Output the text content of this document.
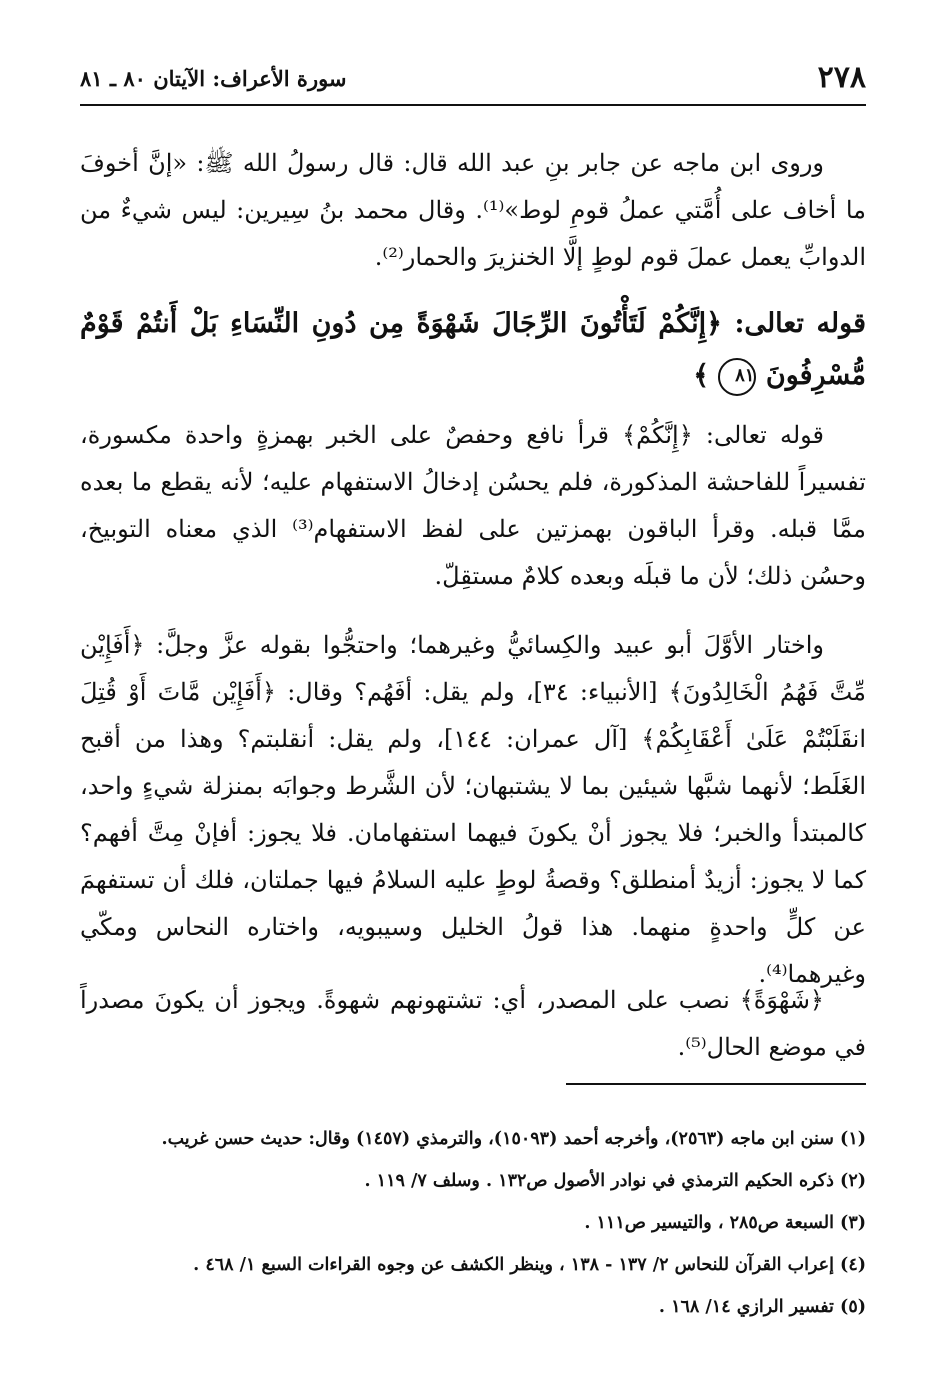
٢٧٨
سورة الأعراف: الآيتان ٨٠ ـ ٨١

وروى ابن ماجه عن جابر بنِ عبد الله قال: قال رسولُ الله ﷺ: «إنَّ أخوفَ ما أخاف على أُمَّتي عملُ قومِ لوط»⁽¹⁾. وقال محمد بنُ سِيرين: ليس شيءٌ من الدوابِّ يعمل عملَ قوم لوطٍ إلَّا الخنزيرَ والحمار⁽²⁾.

قوله تعالى: ﴿إِنَّكُمْ لَتَأْتُونَ الرِّجَالَ شَهْوَةً مِن دُونِ النِّسَاءِ بَلْ أَنتُمْ قَوْمٌ مُّسْرِفُونَ ٨١ ﴾

قوله تعالى: ﴿إِنَّكُمْ﴾ قرأ نافع وحفصٌ على الخبر بهمزةٍ واحدة مكسورة، تفسيراً للفاحشة المذكورة، فلم يحسُن إدخالُ الاستفهام عليه؛ لأنه يقطع ما بعده ممَّا قبله. وقرأ الباقون بهمزتين على لفظ الاستفهام⁽³⁾ الذي معناه التوبيخ، وحسُن ذلك؛ لأن ما قبلَه وبعده كلامٌ مستقِلّ.

واختار الأوَّلَ أبو عبيد والكِسائيُّ وغيرهما؛ واحتجُّوا بقوله عزَّ وجلَّ: ﴿أَفَإِيْن مِّتَّ فَهُمُ الْخَالِدُونَ﴾ [الأنبياء: ٣٤]، ولم يقل: أفَهُم؟ وقال: ﴿أَفَإِيْن مَّاتَ أَوْ قُتِلَ انقَلَبْتُمْ عَلَىٰ أَعْقَابِكُمْ﴾ [آل عمران: ١٤٤]، ولم يقل: أنقلبتم؟ وهذا من أقبح الغَلَط؛ لأنهما شبَّها شيئين بما لا يشتبهان؛ لأن الشَّرط وجوابَه بمنزلة شيءٍ واحد، كالمبتدأ والخبر؛ فلا يجوز أنْ يكونَ فيهما استفهامان. فلا يجوز: أفإنْ مِتَّ أفهم؟ كما لا يجوز: أزيدٌ أمنطلق؟ وقصةُ لوطٍ عليه السلامُ فيها جملتان، فلك أن تستفهمَ عن كلٍّ واحدةٍ منهما. هذا قولُ الخليل وسيبويه، واختاره النحاس ومكّي وغيرهما⁽⁴⁾.

﴿شَهْوَةً﴾ نصب على المصدر، أي: تشتهونهم شهوةً. ويجوز أن يكونَ مصدراً في موضع الحال⁽⁵⁾.

(١) سنن ابن ماجه (٢٥٦٣)، وأخرجه أحمد (١٥٠٩٣)، والترمذي (١٤٥٧) وقال: حديث حسن غريب.
(٢) ذكره الحكيم الترمذي في نوادر الأصول ص١٣٢ . وسلف ٧/ ١١٩ .
(٣) السبعة ص٢٨٥ ، والتيسير ص١١١ .
(٤) إعراب القرآن للنحاس ٢/ ١٣٧ - ١٣٨ ، وينظر الكشف عن وجوه القراءات السبع ١/ ٤٦٨ .
(٥) تفسير الرازي ١٤/ ١٦٨ .
